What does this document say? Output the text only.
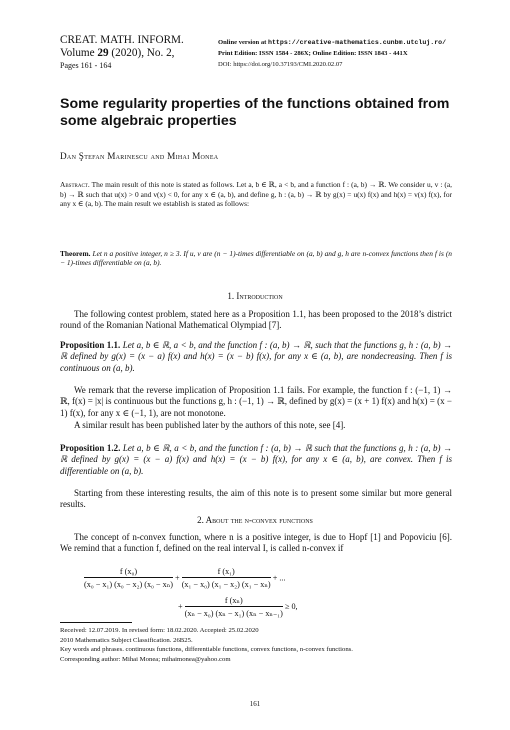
CREAT. MATH. INFORM.
Volume 29 (2020), No. 2,
Pages 161 - 164
Online version at https://creative-mathematics.cunbm.utcluj.ro/
Print Edition: ISSN 1584 - 286X; Online Edition: ISSN 1843 - 441X
DOI: https://doi.org/10.37193/CMI.2020.02.07
Some regularity properties of the functions obtained from some algebraic properties
Dan Ştefan Marinescu and Mihai Monea
Abstract. The main result of this note is stated as follows. Let a, b ∈ ℝ, a < b, and a function f : (a, b) → ℝ. We consider u, v : (a, b) → ℝ such that u(x) > 0 and v(x) < 0, for any x ∈ (a, b), and define g, h : (a, b) → ℝ by g(x) = u(x) f(x) and h(x) = v(x) f(x), for any x ∈ (a, b). The main result we establish is stated as follows:
Theorem. Let n a positive integer, n ≥ 3. If u, v are (n − 1)-times differentiable on (a, b) and g, h are n-convex functions then f is (n − 1)-times differentiable on (a, b).
1. Introduction
The following contest problem, stated here as a Proposition 1.1, has been proposed to the 2018’s district round of the Romanian National Mathematical Olympiad [7].
Proposition 1.1. Let a, b ∈ ℝ, a < b, and the function f : (a, b) → ℝ, such that the functions g, h : (a, b) → ℝ defined by g(x) = (x − a) f(x) and h(x) = (x − b) f(x), for any x ∈ (a, b), are nondecreasing. Then f is continuous on (a, b).
We remark that the reverse implication of Proposition 1.1 fails. For example, the function f : (−1, 1) → ℝ, f(x) = |x| is continuous but the functions g, h : (−1, 1) → ℝ, defined by g(x) = (x + 1) f(x) and h(x) = (x − 1) f(x), for any x ∈ (−1, 1), are not monotone.
A similar result has been published later by the authors of this note, see [4].
Proposition 1.2. Let a, b ∈ ℝ, a < b, and the function f : (a, b) → ℝ such that the functions g, h : (a, b) → ℝ defined by g(x) = (x − a) f(x) and h(x) = (x − b) f(x), for any x ∈ (a, b), are convex. Then f is differentiable on (a, b).
Starting from these interesting results, the aim of this note is to present some similar but more general results.
2. About the n-convex functions
The concept of n-convex function, where n is a positive integer, is due to Hopf [1] and Popoviciu [6]. We remind that a function f, defined on the real interval I, is called n-convex if
$\frac{\text{f (x₀)}}{\text{(x₀ − x₁) (x₀ − x₂) (x₀ − xₙ)}} + \frac{\text{f (x₁)}}{\text{(x₁ − x₀) (x₁ − x₂) (x₁ − xₙ)}}$ + ...
+ $\frac{\text{f (xₙ)}}{\text{(xₙ − x₀) (xₙ − x₁) (xₙ − xₙ₋₁)}} \ge 0$,
Received: 12.07.2019. In revised form: 18.02.2020. Accepted: 25.02.2020
2010 Mathematics Subject Classification. 26B25.
Key words and phrases. continuous functions, differentiable functions, convex functions, n-convex functions.
Corresponding author: Mihai Monea; mihaimonea@yahoo.com
161
